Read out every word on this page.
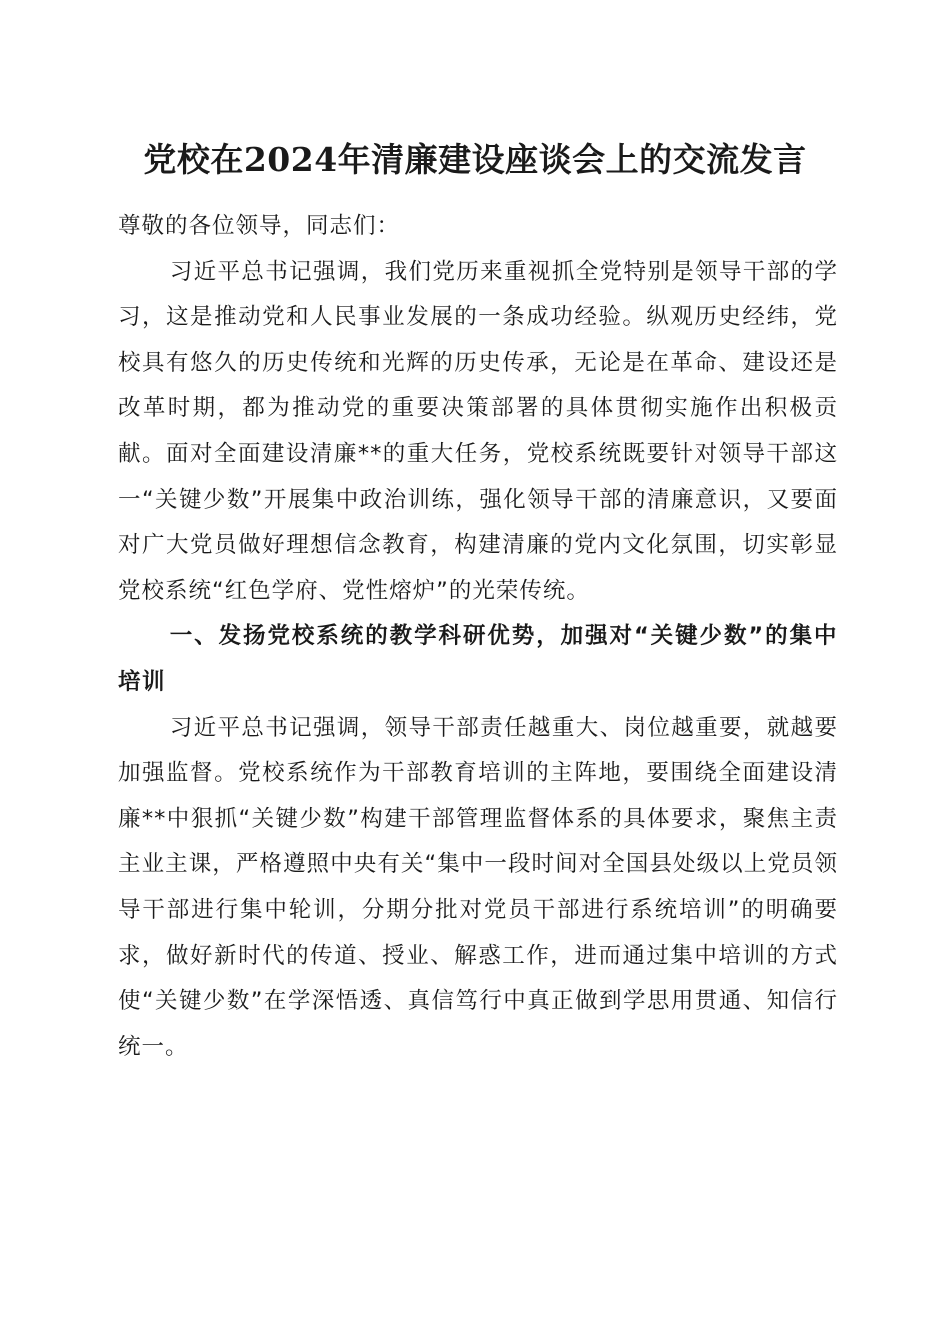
党校在2024年清廉建设座谈会上的交流发言

尊敬的各位领导，同志们：

习近平总书记强调，我们党历来重视抓全党特别是领导干部的学习，这是推动党和人民事业发展的一条成功经验。纵观历史经纬，党校具有悠久的历史传统和光辉的历史传承，无论是在革命、建设还是改革时期，都为推动党的重要决策部署的具体贯彻实施作出积极贡献。面对全面建设清廉**的重大任务，党校系统既要针对领导干部这一“关键少数”开展集中政治训练，强化领导干部的清廉意识，又要面对广大党员做好理想信念教育，构建清廉的党内文化氛围，切实彰显党校系统“红色学府、党性熔炉”的光荣传统。

一、发扬党校系统的教学科研优势，加强对“关键少数”的集中培训

习近平总书记强调，领导干部责任越重大、岗位越重要，就越要加强监督。党校系统作为干部教育培训的主阵地，要围绕全面建设清廉**中狠抓“关键少数”构建干部管理监督体系的具体要求，聚焦主责主业主课，严格遵照中央有关“集中一段时间对全国县处级以上党员领导干部进行集中轮训，分期分批对党员干部进行系统培训”的明确要求，做好新时代的传道、授业、解惑工作，进而通过集中培训的方式使“关键少数”在学深悟透、真信笃行中真正做到学思用贯通、知信行统一。
